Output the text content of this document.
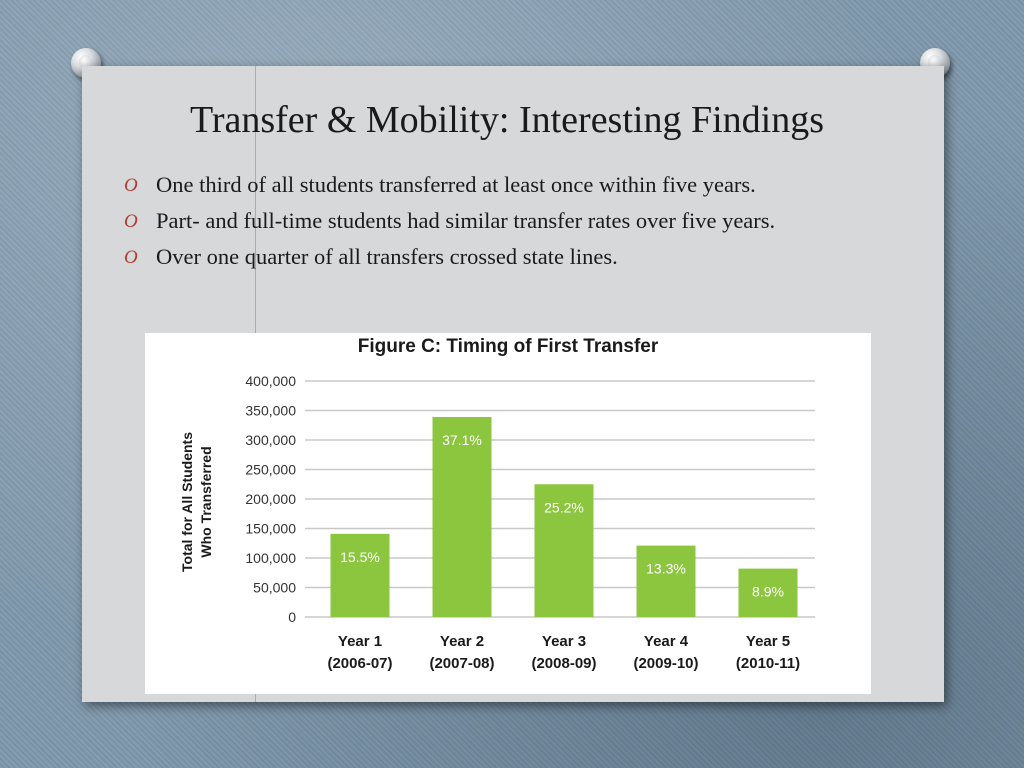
Transfer & Mobility: Interesting Findings
O One third of all students transferred at least once within five years.
O Part- and full-time students had similar transfer rates over five years.
O Over one quarter of all transfers crossed state lines.
Figure C: Timing of First Transfer
Total for All Students Who Transferred
0
50,000
100,000
150,000
200,000
250,000
300,000
350,000
400,000
15.5%
37.1%
25.2%
13.3%
8.9%
Year 1
(2006-07)
Year 2
(2007-08)
Year 3
(2008-09)
Year 4
(2009-10)
Year 5
(2010-11)
